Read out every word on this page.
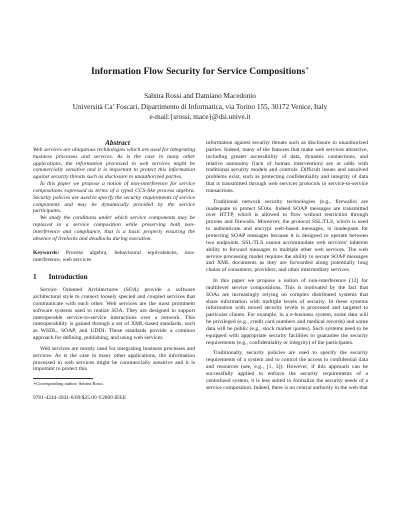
Information Flow Security for Service Compositions∗
Sabina Rossi and Damiano Macedonio
Università Ca’ Foscari, Dipartimento di Informatica, via Torino 155, 30172 Venice, Italy
e-mail:{srossi, mace}@dsi.unive.it

Abstract

Web services are ubiquitous technologies which are used for integrating business processes and services. As is the case in many other applications, the information processed in web services might be commercially sensitive and it is important to protect this information against security threats such as disclosure to unauthorized parties.

In this paper we propose a notion of non-interference for service compositions expressed as terms of a typed CCS-like process algebra. Security policies are used to specify the security requirements of service components and may be dynamically provided by the service participants.

We study the conditions under which service components may be replaced in a service composition while preserving both non-interference and compliance, that is a basic property ensuring the absence of livelocks and deadlocks during execution.

Keywords: Process algebra, behavioural equivalences, non-interference, web services

1 Introduction

Service Oriented Architectures (SOA) provide a software architectural style to connect loosely specied and coupled services that communicate with each other. Web services are the most prominent software systems used to realize SOA. They are designed to support interoperable service-to-service interactions over a network. This interoperability is gained through a set of XML-based standards, such as WSDL, SOAP, and UDDI. These standards provide a common approach for defining, publishing, and using web services.

Web services are mostly used for integrating business processes and services. As is the case in many other applications, the information processed in web services might be commercially sensitive and it is important to protect this

∗Corresponding author: Sabina Rossi.

9781-4244-3941-6/09/$25.00 ©2009 IEEE

information against security threats such as disclosure to unauthorized parties. Indeed, many of the features that make web services attractive, including greater accessibility of data, dynamic connections, and relative autonomy (lack of human intervention) are at odds with traditional security models and controls. Difficult issues and unsolved problems exist, such as protecting confidentiality and integrity of data that is transmitted through web services protocols in service-to-service transactions.

Traditional network security technologies (e.g., firewalls) are inadequate to protect SOAs. Indeed SOAP messages are transmitted over HTTP, which is allowed to flow without restriction through proxies and firewalls. Moreover, the protocol SSL/TLS, which is used to authenticate and encrypt web-based messages, is inadequate for protecting SOAP messages because it is designed to operate between two endpoints. SSL/TLS cannot accommodate web services’ inherent ability to forward messages to multiple other web services. The web service processing model requires the ability to secure SOAP messages and XML documents as they are forwarded along potentially long chains of consumers, providers, and other intermediary services.

In this paper we propose a notion of non-interference [13] for multilevel service compositions. This is motivated by the fact that SOAs are increasingly relying on complex distributed systems that share information with multiple levels of security. In these systems information with mixed security levels is processed and targeted to particular clients. For example, in a e-business system, some data will be privileged (e.g., credit card numbers and medical records) and some data will be public (e.g., stock market quotes). Such systems need to be equipped with appropriate security facilities to guarantee the security requirements (e.g., confidentiality or integrity) of the participants.

Traditionally, security policies are used to specify the security requirements of a system and to control the access to confidential data and resources (see, e.g., [1, 3]). However, if this approach can be successfully applied to enforce the security requirements of a centralized system, it is less suited to formalize the security needs of a service composition. Indeed, there is no central authority in the web that
